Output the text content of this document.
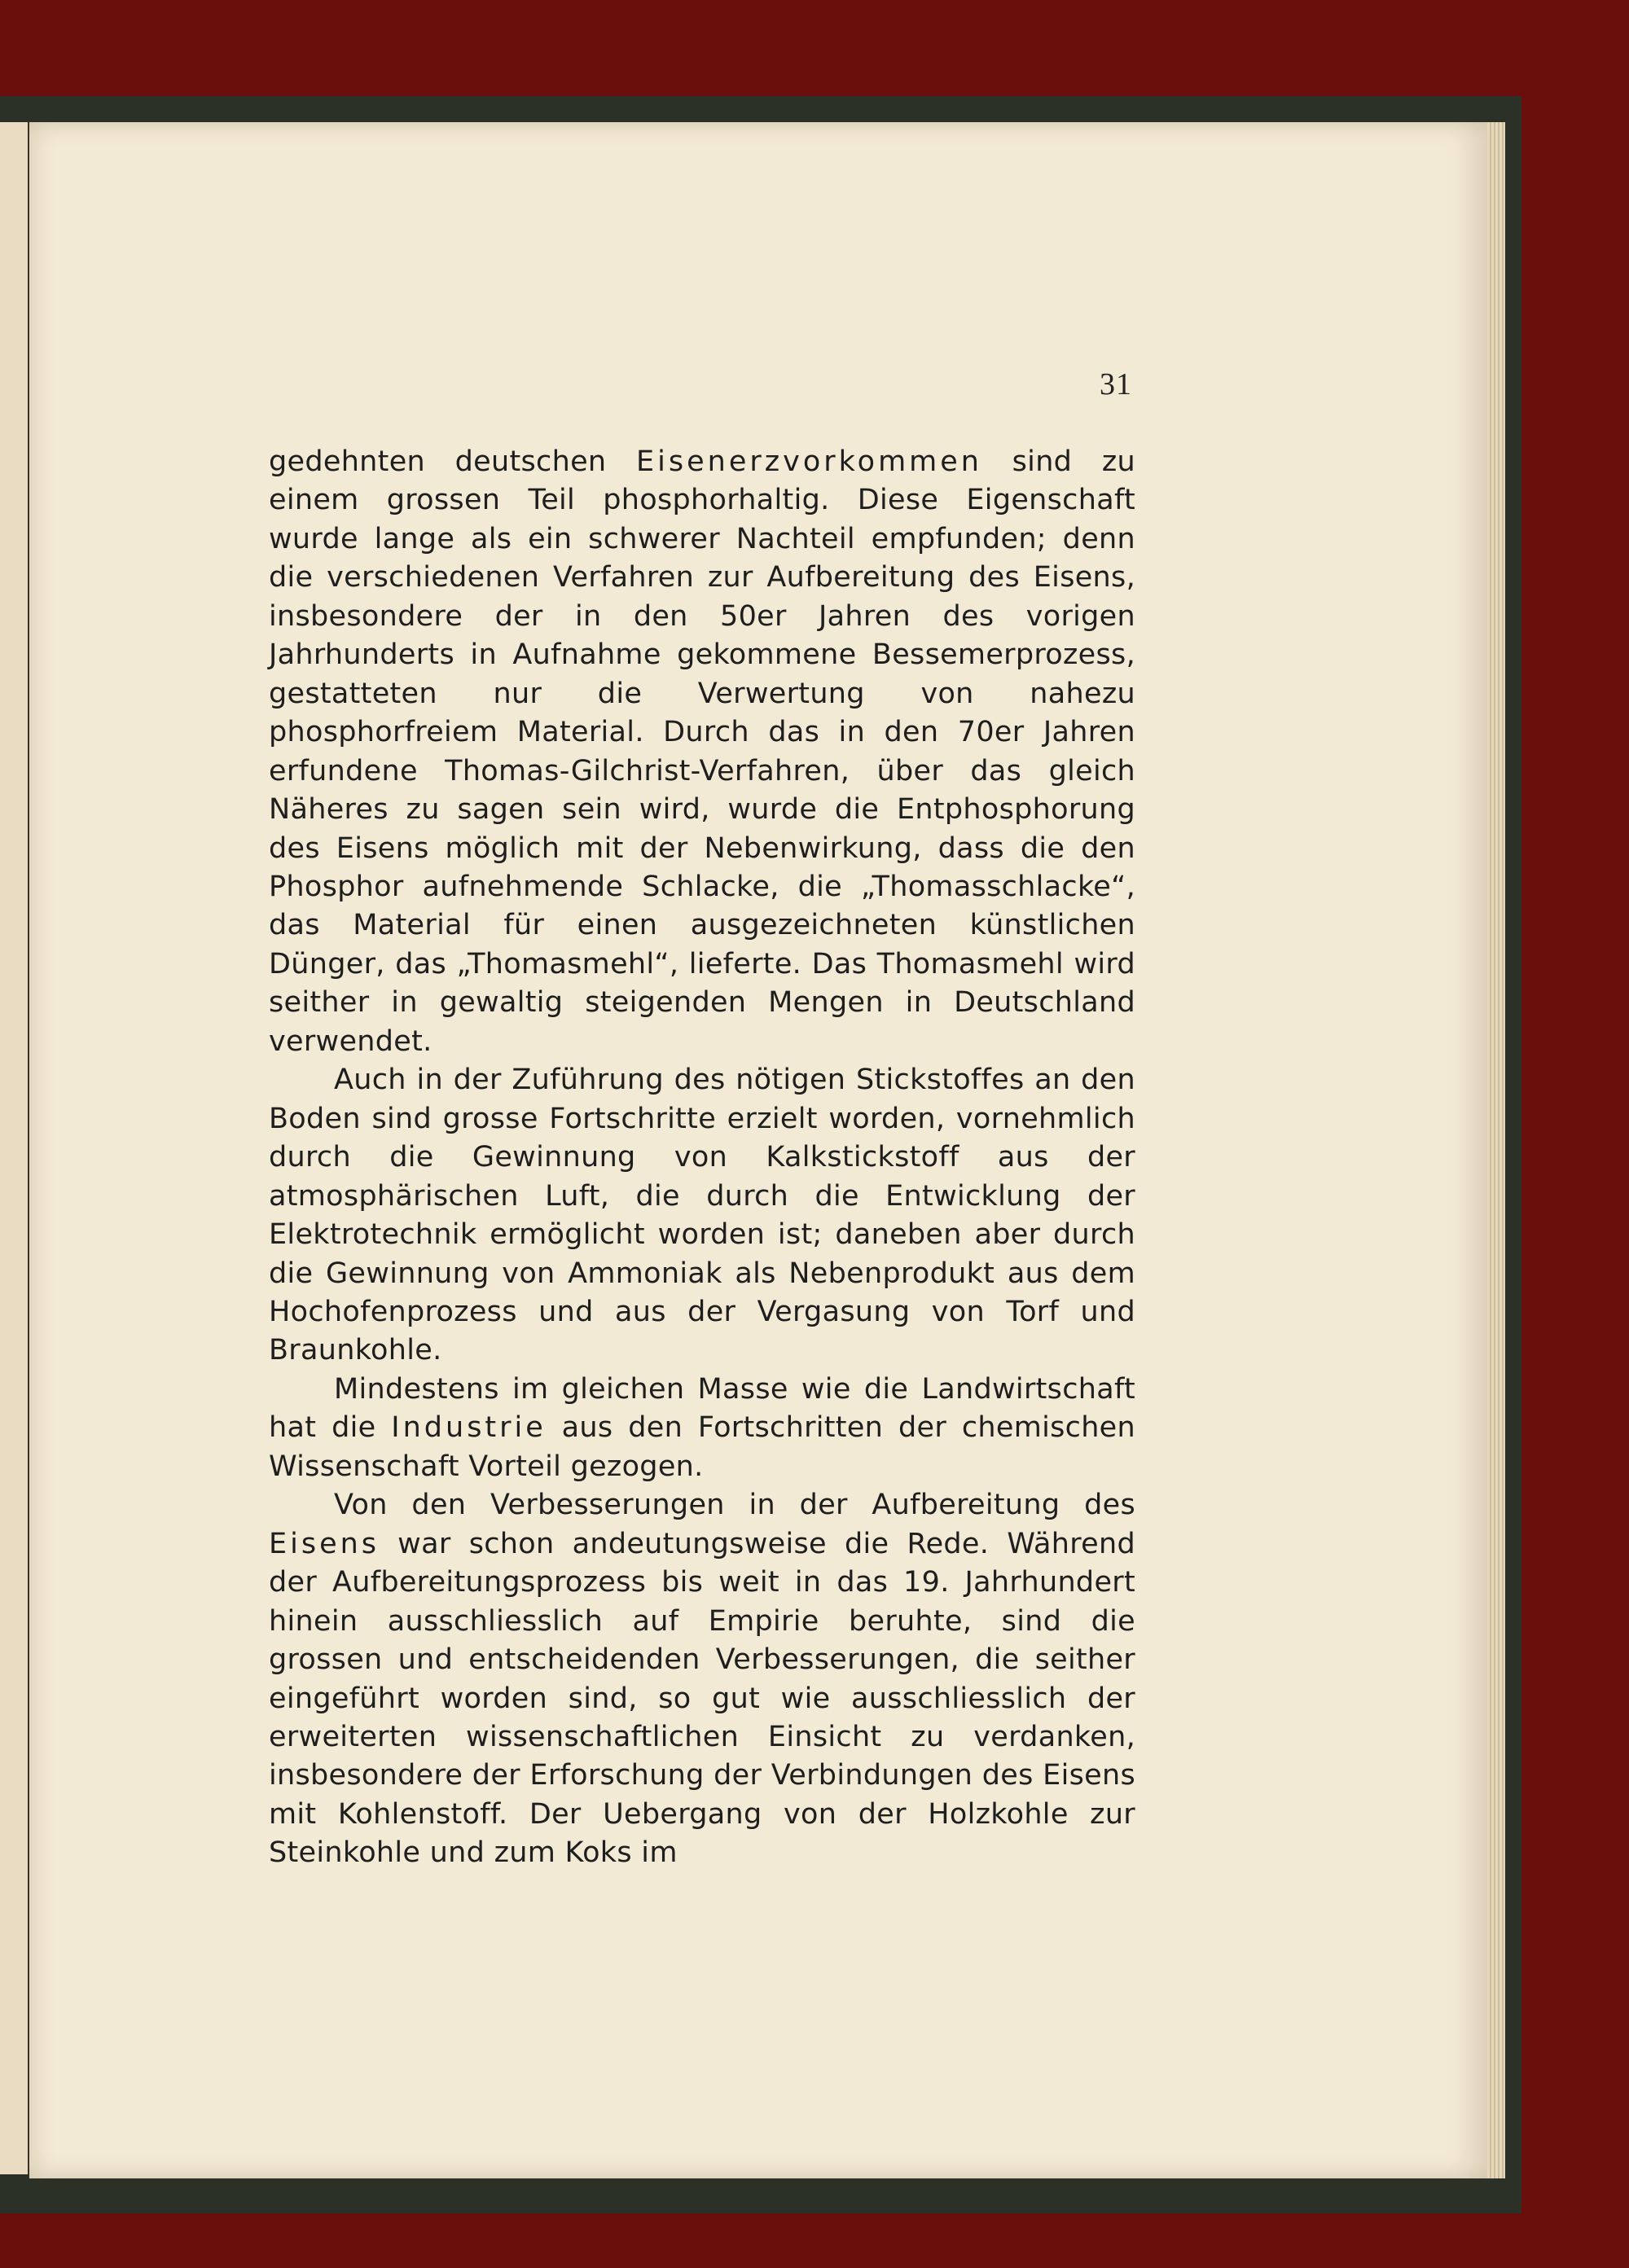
31

gedehnten deutschen Eisenerzvorkommen sind zu einem grossen Teil phosphorhaltig. Diese Eigenschaft wurde lange als ein schwerer Nachteil empfunden; denn die verschiedenen Verfahren zur Aufbereitung des Eisens, insbesondere der in den 50er Jahren des vorigen Jahrhunderts in Aufnahme gekommene Bessemerprozess, gestatteten nur die Verwertung von nahezu phosphorfreiem Material. Durch das in den 70er Jahren erfundene Thomas-Gilchrist-Verfahren, über das gleich Näheres zu sagen sein wird, wurde die Entphosphorung des Eisens möglich mit der Nebenwirkung, dass die den Phosphor aufnehmende Schlacke, die „Thomasschlacke“, das Material für einen ausgezeichneten künstlichen Dünger, das „Thomasmehl“, lieferte. Das Thomasmehl wird seither in gewaltig steigenden Mengen in Deutschland verwendet.

Auch in der Zuführung des nötigen Stickstoffes an den Boden sind grosse Fortschritte erzielt worden, vornehmlich durch die Gewinnung von Kalkstickstoff aus der atmosphärischen Luft, die durch die Entwicklung der Elektrotechnik ermöglicht worden ist; daneben aber durch die Gewinnung von Ammoniak als Nebenprodukt aus dem Hochofenprozess und aus der Vergasung von Torf und Braunkohle.

Mindestens im gleichen Masse wie die Landwirtschaft hat die Industrie aus den Fortschritten der chemischen Wissenschaft Vorteil gezogen.

Von den Verbesserungen in der Aufbereitung des Eisens war schon andeutungsweise die Rede. Während der Aufbereitungsprozess bis weit in das 19. Jahrhundert hinein ausschliesslich auf Empirie beruhte, sind die grossen und entscheidenden Verbesserungen, die seither eingeführt worden sind, so gut wie ausschliesslich der erweiterten wissenschaftlichen Einsicht zu verdanken, insbesondere der Erforschung der Verbindungen des Eisens mit Kohlenstoff. Der Uebergang von der Holzkohle zur Steinkohle und zum Koks im
